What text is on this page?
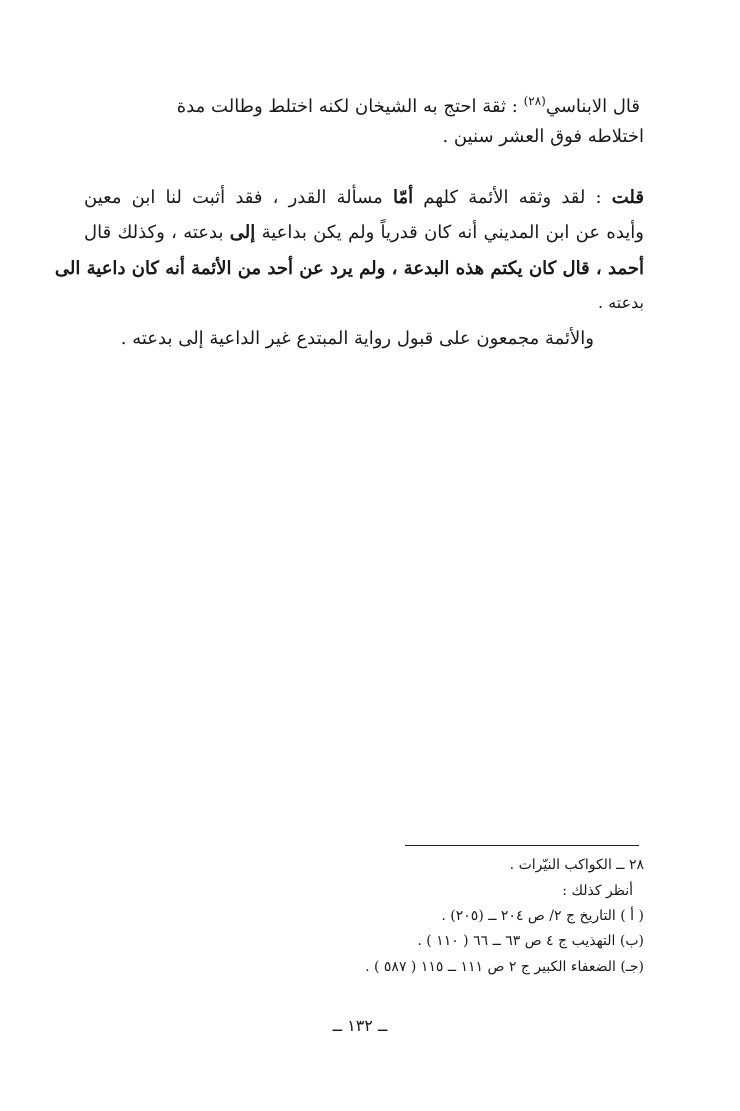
قال الابناسي$^{(٢٨)}$ : ثقة احتج به الشيخان لكنه اختلط وطالت مدة
اختلاطه فوق العشر سنين .
قلت : لقد وثقه الأئمة كلهم أمّا مسألة القدر ، فقد أثبت لنا ابن معين
وأيده عن ابن المديني أنه كان قدرياً ولم يكن بداعية إلى بدعته ، وكذلك قال
أحمد ، قال كان يكتم هذه البدعة ، ولم يرد عن أحد من الأئمة أنه كان داعية الى
بدعته .
والأئمة مجمعون على قبول رواية المبتدع غير الداعية إلى بدعته .
٢٨ ــ الكواكب النيّرات .
أنظر كذلك :
( أ ) التاريخ ج ٢/ ص ٢٠٤ ــ (٢٠٥) .
(ب) التهذيب ج ٤ ص ٦٣ ــ ٦٦ ( ١١٠ ) .
(جـ) الضعفاء الكبير ج ٢ ص ١١١ ــ ١١٥ ( ٥٨٧ ) .
ــ ١٣٢ ــ
